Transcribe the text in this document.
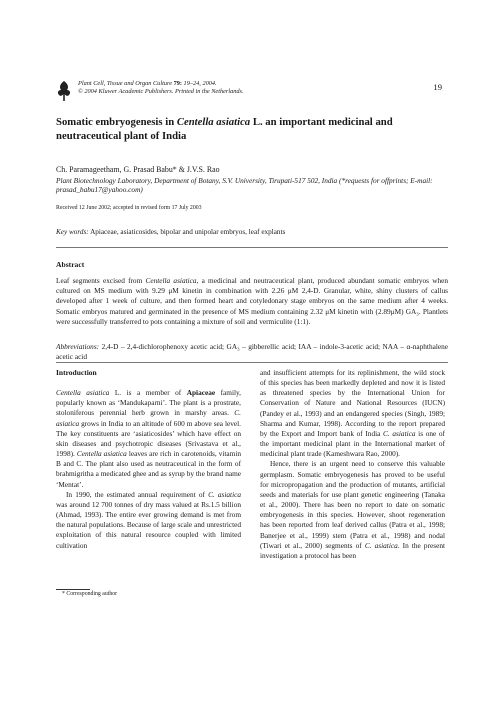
Plant Cell, Tissue and Organ Culture 79: 19–24, 2004.
© 2004 Kluwer Academic Publishers. Printed in the Netherlands.	19
Somatic embryogenesis in Centella asiatica L. an important medicinal and neutraceutical plant of India
Ch. Paramageetham, G. Prasad Babu* & J.V.S. Rao
Plant Biotechnology Laboratory, Department of Botany, S.V. University, Tirupati-517 502, India (*requests for offprints; E-mail: prasad_babu17@yahoo.com)
Received 12 June 2002; accepted in revised form 17 July 2003
Key words: Apiaceae, asiaticosides, bipolar and unipolar embryos, leaf explants
Abstract
Leaf segments excised from Centella asiatica, a medicinal and neutraceutical plant, produced abundant somatic embryos when cultured on MS medium with 9.29 μM kinetin in combination with 2.26 μM 2,4-D. Granular, white, shiny clusters of callus developed after 1 week of culture, and then formed heart and cotyledonary stage embryos on the same medium after 4 weeks. Somatic embryos matured and germinated in the presence of MS medium containing 2.32 μM kinetin with (2.89μM) GA₃. Plantlets were successfully transferred to pots containing a mixture of soil and vermiculite (1:1).
Abbreviations: 2,4-D – 2,4-dichlorophenoxy acetic acid; GA₃ – gibberellic acid; IAA – indole-3-acetic acid; NAA – α-naphthalene acetic acid

Introduction

Centella asiatica L. is a member of Apiaceae family, popularly known as ‘Mandukaparni’. The plant is a prostrate, stoloniferous perennial herb grown in marshy areas. C. asiatica grows in India to an altitude of 600 m above sea level. The key constituents are ‘asiaticosides’ which have effect on skin diseases and psychotropic diseases (Srivastava et al., 1998). Centella asiatica leaves are rich in carotenoids, vitamin B and C. The plant also used as neutraceutical in the form of brahmigritha a medicated ghee and as syrup by the brand name ‘Mentat’.

In 1990, the estimated annual requirement of C. asiatica was around 12 700 tonnes of dry mass valued at Rs.1.5 billion (Ahmad, 1993). The entire ever growing demand is met from the natural populations. Because of large scale and unrestricted exploitation of this natural resource coupled with limited cultivation

* Corresponding author

and insufficient attempts for its replinishment, the wild stock of this species has been markedly depleted and now it is listed as threatened species by the International Union for Conservation of Nature and National Resources (IUCN) (Pandey et al., 1993) and an endangered species (Singh, 1989; Sharma and Kumar, 1998). According to the report prepared by the Export and Import bank of India C. asiatica is one of the important medicinal plant in the International market of medicinal plant trade (Kameshwara Rao, 2000).

Hence, there is an urgent need to conserve this valuable germplasm. Somatic embryogenesis has proved to be useful for micropropagation and the production of mutants, artificial seeds and materials for use plant genetic engineering (Tanaka et al., 2000). There has been no report to date on somatic embryogenesis in this species. However, shoot regeneration has been reported from leaf derived callus (Patra et al., 1998; Banerjee et al., 1999) stem (Patra et al., 1998) and nodal (Tiwari et al., 2000) segments of C. asiatica. In the present investigation a protocol has been
